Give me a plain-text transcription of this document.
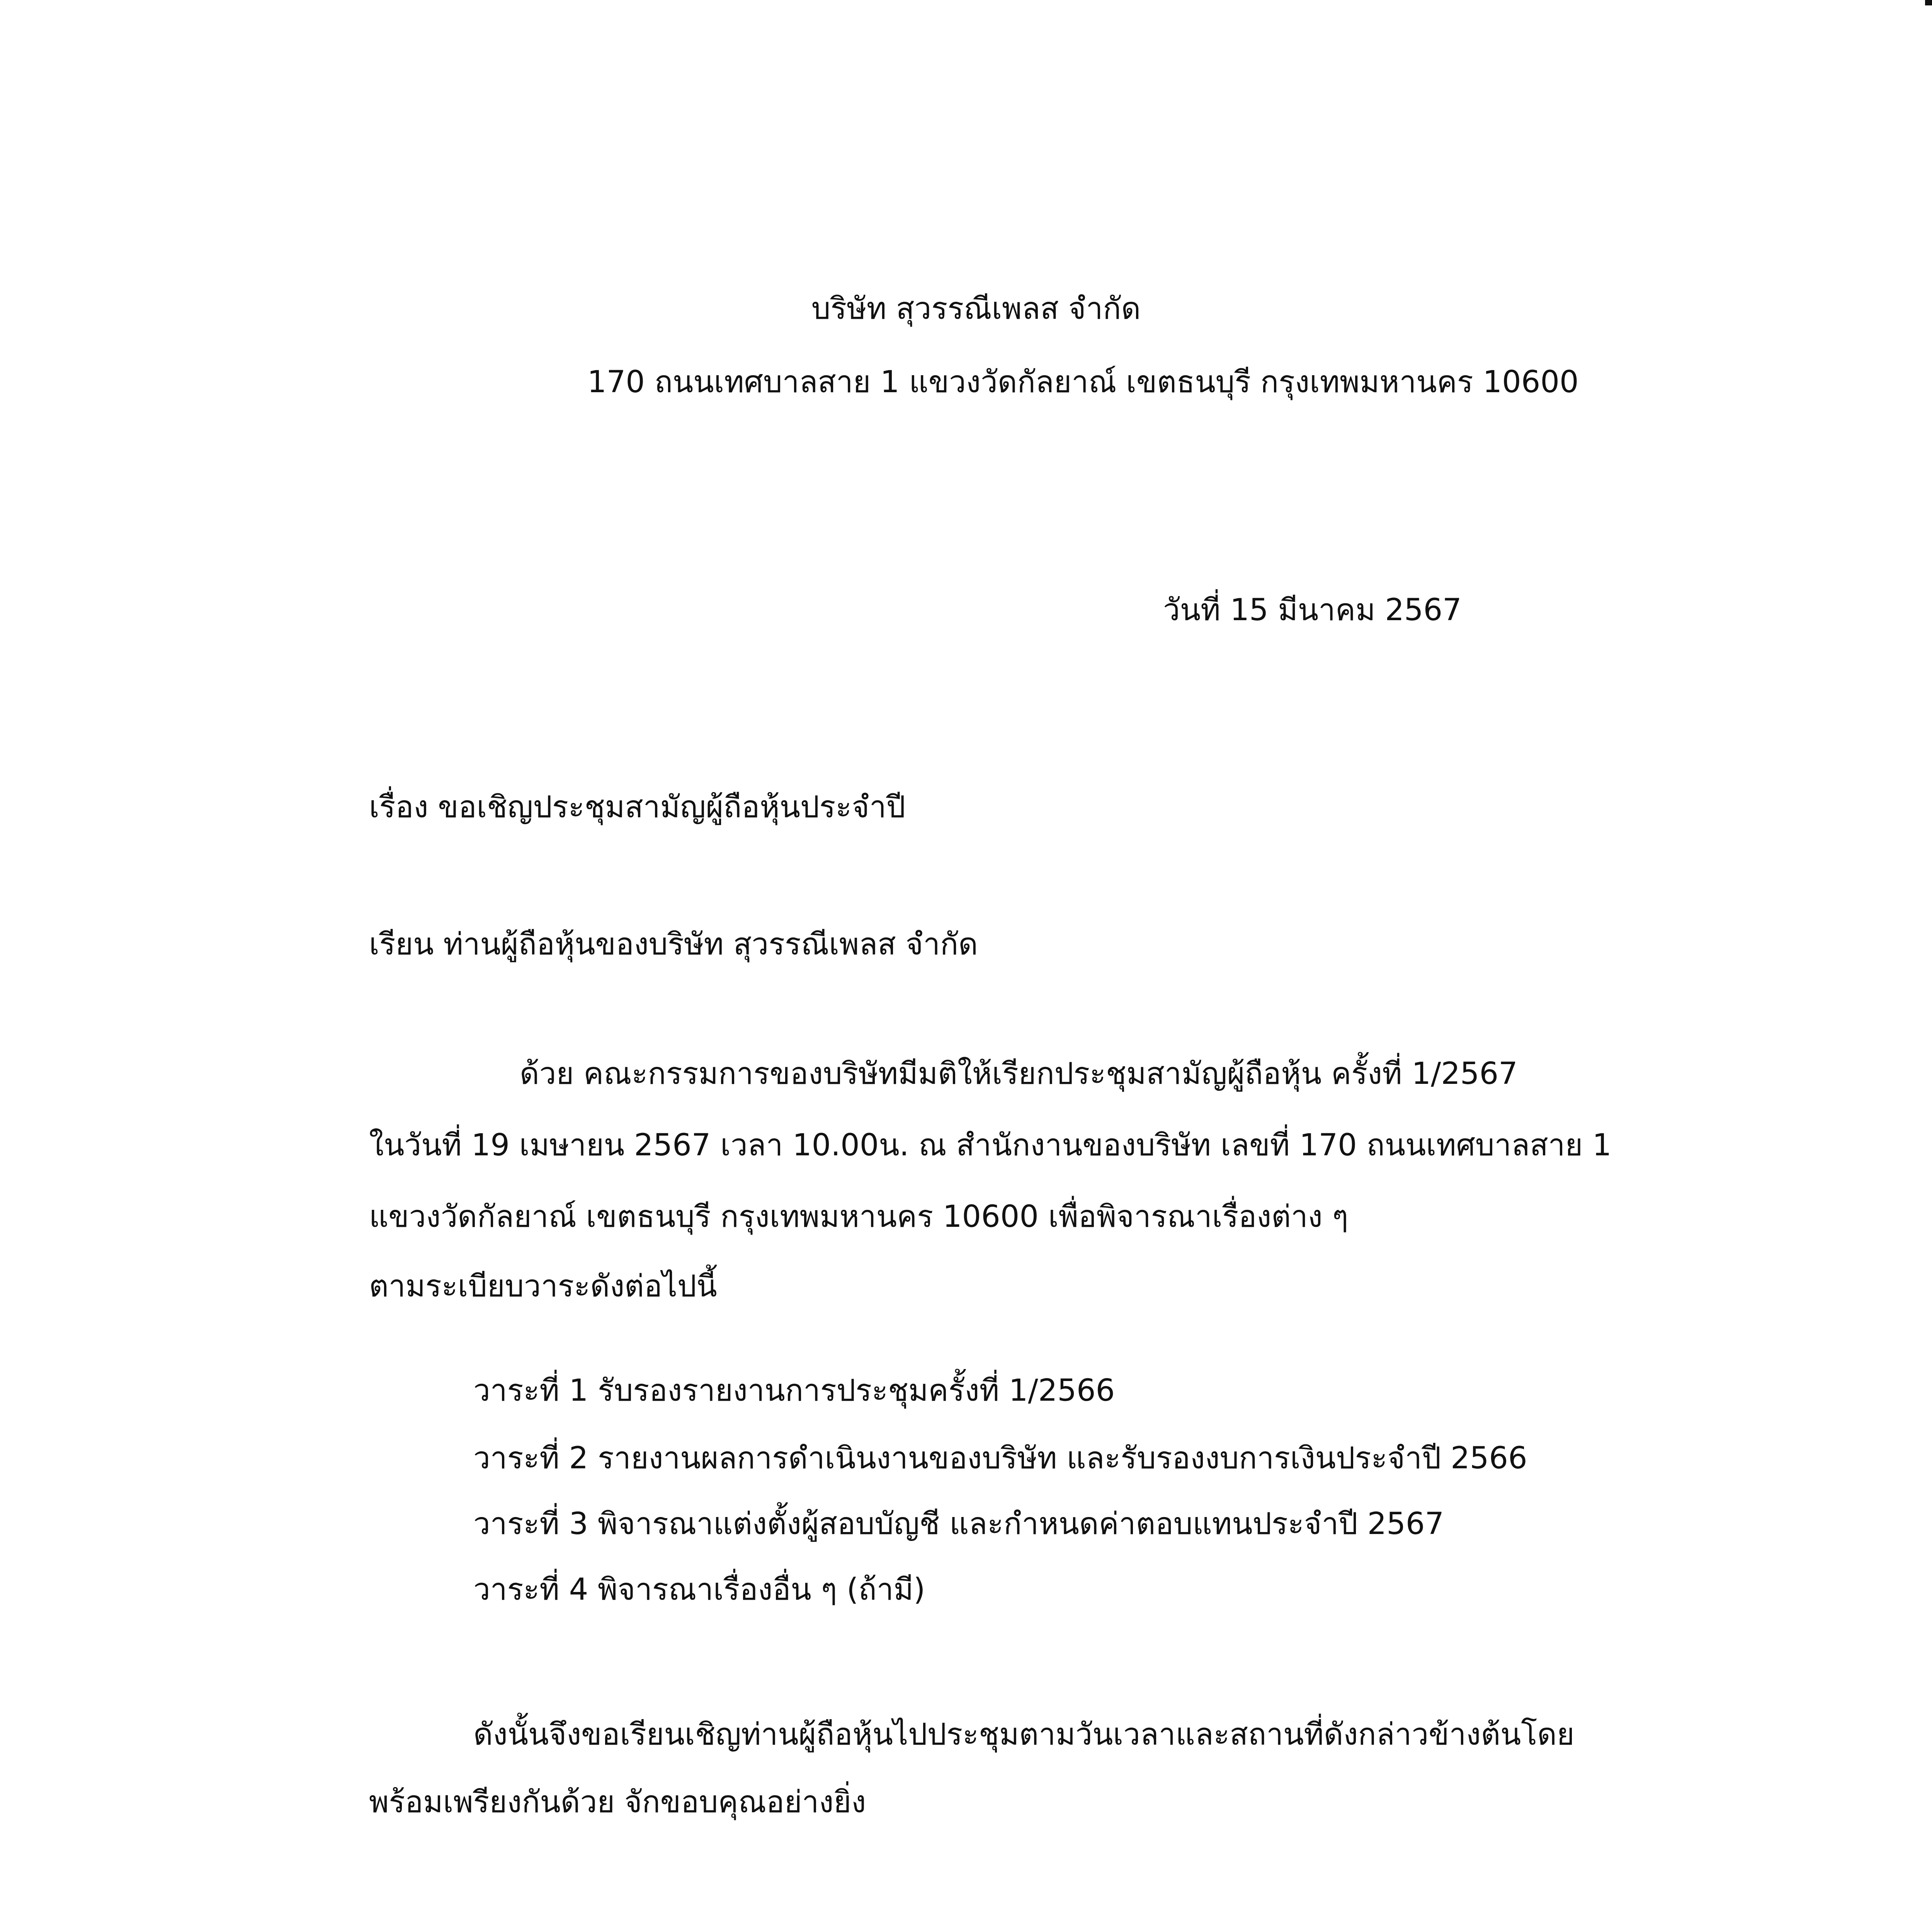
บริษัท สุวรรณีเพลส จำกัด
170 ถนนเทศบาลสาย 1 แขวงวัดกัลยาณ์ เขตธนบุรี กรุงเทพมหานคร 10600
วันที่ 15 มีนาคม 2567
เรื่อง ขอเชิญประชุมสามัญผู้ถือหุ้นประจำปี
เรียน ท่านผู้ถือหุ้นของบริษัท สุวรรณีเพลส จำกัด
ด้วย คณะกรรมการของบริษัทมีมติให้เรียกประชุมสามัญผู้ถือหุ้น ครั้งที่ 1/2567
ในวันที่ 19 เมษายน 2567 เวลา 10.00น. ณ สำนักงานของบริษัท เลขที่ 170 ถนนเทศบาลสาย 1
แขวงวัดกัลยาณ์ เขตธนบุรี กรุงเทพมหานคร 10600 เพื่อพิจารณาเรื่องต่าง ๆ
ตามระเบียบวาระดังต่อไปนี้
วาระที่ 1 รับรองรายงานการประชุมครั้งที่ 1/2566
วาระที่ 2 รายงานผลการดำเนินงานของบริษัท และรับรองงบการเงินประจำปี 2566
วาระที่ 3 พิจารณาแต่งตั้งผู้สอบบัญชี และกำหนดค่าตอบแทนประจำปี 2567
วาระที่ 4 พิจารณาเรื่องอื่น ๆ (ถ้ามี)
ดังนั้นจึงขอเรียนเชิญท่านผู้ถือหุ้นไปประชุมตามวันเวลาและสถานที่ดังกล่าวข้างต้นโดย
พร้อมเพรียงกันด้วย จักขอบคุณอย่างยิ่ง
